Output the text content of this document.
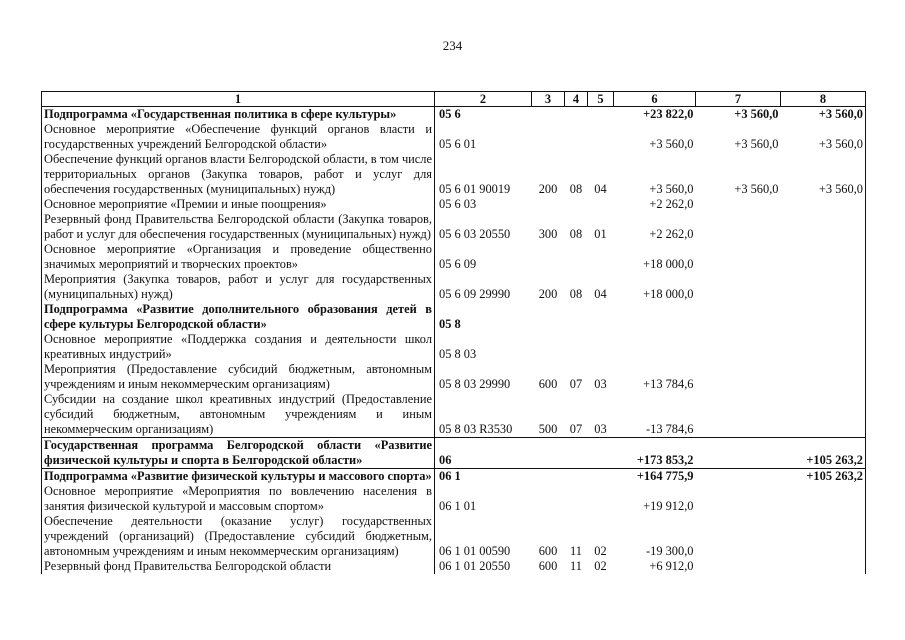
234
1	2	3	4	5	6	7	8
Подпрограмма «Государственная политика в сфере культуры»	05 6				+23 822,0	+3 560,0	+3 560,0
Основное мероприятие «Обеспечение функций органов власти и государственных учреждений Белгородской области»	05 6 01				+3 560,0	+3 560,0	+3 560,0
Обеспечение функций органов власти Белгородской области, в том числе территориальных органов (Закупка товаров, работ и услуг для обеспечения государственных (муниципальных) нужд)	05 6 01 90019	200	08	04	+3 560,0	+3 560,0	+3 560,0
Основное мероприятие «Премии и иные поощрения»	05 6 03				+2 262,0		
Резервный фонд Правительства Белгородской области (Закупка товаров, работ и услуг для обеспечения государственных (муниципальных) нужд)	05 6 03 20550	300	08	01	+2 262,0		
Основное мероприятие «Организация и проведение общественно значимых мероприятий и творческих проектов»	05 6 09				+18 000,0		
Мероприятия (Закупка товаров, работ и услуг для государственных (муниципальных) нужд)	05 6 09 29990	200	08	04	+18 000,0		
Подпрограмма «Развитие дополнительного образования детей в сфере культуры Белгородской области»	05 8						
Основное мероприятие «Поддержка создания и деятельности школ креативных индустрий»	05 8 03						
Мероприятия (Предоставление субсидий бюджетным, автономным учреждениям и иным некоммерческим организациям)	05 8 03 29990	600	07	03	+13 784,6		
Субсидии на создание школ креативных индустрий (Предоставление субсидий бюджетным, автономным учреждениям и иным некоммерческим организациям)	05 8 03 R3530	500	07	03	-13 784,6		
Государственная программа Белгородской области «Развитие физической культуры и спорта в Белгородской области»	06				+173 853,2		+105 263,2
Подпрограмма «Развитие физической культуры и массового спорта»	06 1				+164 775,9		+105 263,2
Основное мероприятие «Мероприятия по вовлечению населения в занятия физической культурой и массовым спортом»	06 1 01				+19 912,0		
Обеспечение деятельности (оказание услуг) государственных учреждений (организаций) (Предоставление субсидий бюджетным, автономным учреждениям и иным некоммерческим организациям)	06 1 01 00590	600	11	02	-19 300,0		
Резервный фонд Правительства Белгородской области	06 1 01 20550	600	11	02	+6 912,0		
